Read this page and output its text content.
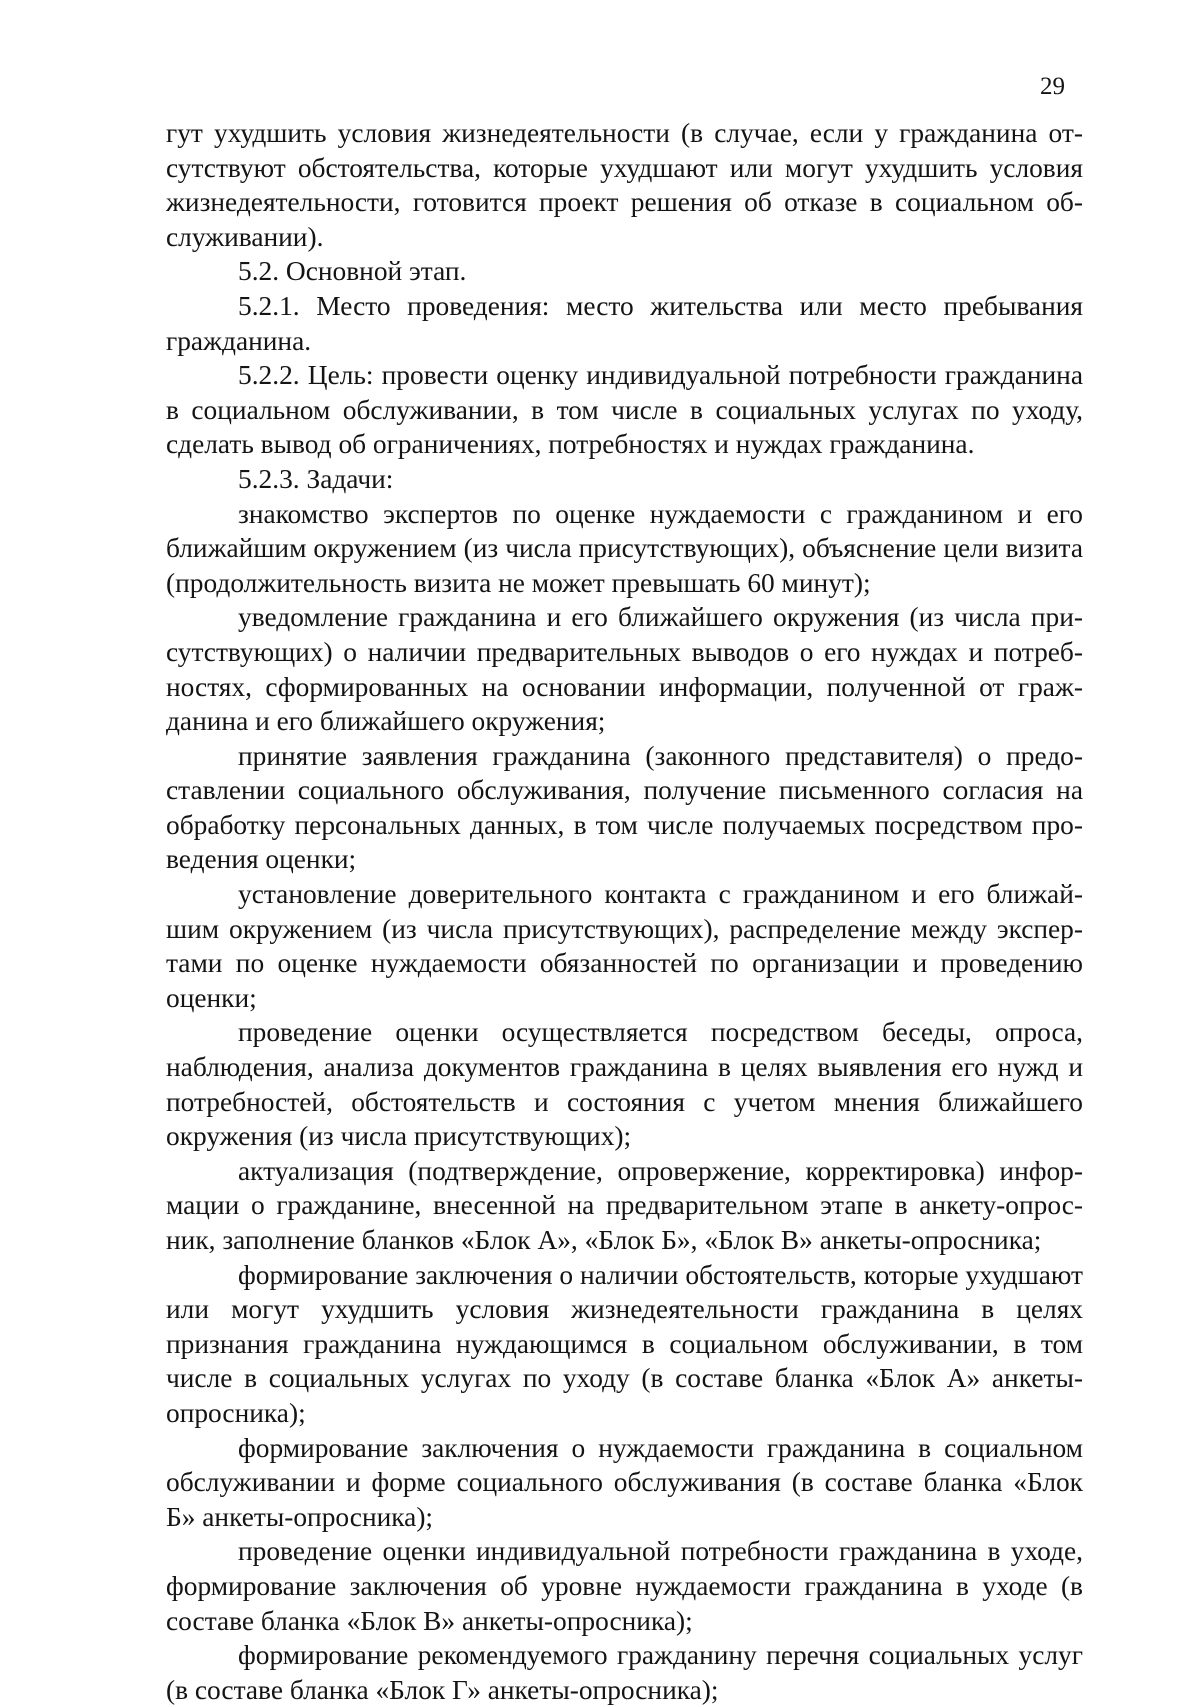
29

гут ухудшить условия жизнедеятельности (в случае, если у гражданина отсутствуют обстоятельства, которые ухудшают или могут ухудшить условия жизнедеятельности, готовится проект решения об отказе в социальном обслуживании).

5.2. Основной этап.

5.2.1. Место проведения: место жительства или место пребывания гражданина.

5.2.2. Цель: провести оценку индивидуальной потребности гражданина в социальном обслуживании, в том числе в социальных услугах по уходу, сделать вывод об ограничениях, потребностях и нуждах гражданина.

5.2.3. Задачи:

знакомство экспертов по оценке нуждаемости с гражданином и его ближайшим окружением (из числа присутствующих), объяснение цели визита (продолжительность визита не может превышать 60 минут);

уведомление гражданина и его ближайшего окружения (из числа присутствующих) о наличии предварительных выводов о его нуждах и потребностях, сформированных на основании информации, полученной от гражданина и его ближайшего окружения;

принятие заявления гражданина (законного представителя) о предоставлении социального обслуживания, получение письменного согласия на обработку персональных данных, в том числе получаемых посредством проведения оценки;

установление доверительного контакта с гражданином и его ближайшим окружением (из числа присутствующих), распределение между экспертами по оценке нуждаемости обязанностей по организации и проведению оценки;

проведение оценки осуществляется посредством беседы, опроса, наблюдения, анализа документов гражданина в целях выявления его нужд и потребностей, обстоятельств и состояния с учетом мнения ближайшего окружения (из числа присутствующих);

актуализация (подтверждение, опровержение, корректировка) информации о гражданине, внесенной на предварительном этапе в анкету-опросник, заполнение бланков «Блок А», «Блок Б», «Блок В» анкеты-опросника;

формирование заключения о наличии обстоятельств, которые ухудшают или могут ухудшить условия жизнедеятельности гражданина в целях признания гражданина нуждающимся в социальном обслуживании, в том числе в социальных услугах по уходу (в составе бланка «Блок А» анкеты-опросника);

формирование заключения о нуждаемости гражданина в социальном обслуживании и форме социального обслуживания (в составе бланка «Блок Б» анкеты-опросника);

проведение оценки индивидуальной потребности гражданина в уходе, формирование заключения об уровне нуждаемости гражданина в уходе (в составе бланка «Блок В» анкеты-опросника);

формирование рекомендуемого гражданину перечня социальных услуг (в составе бланка «Блок Г» анкеты-опросника);
